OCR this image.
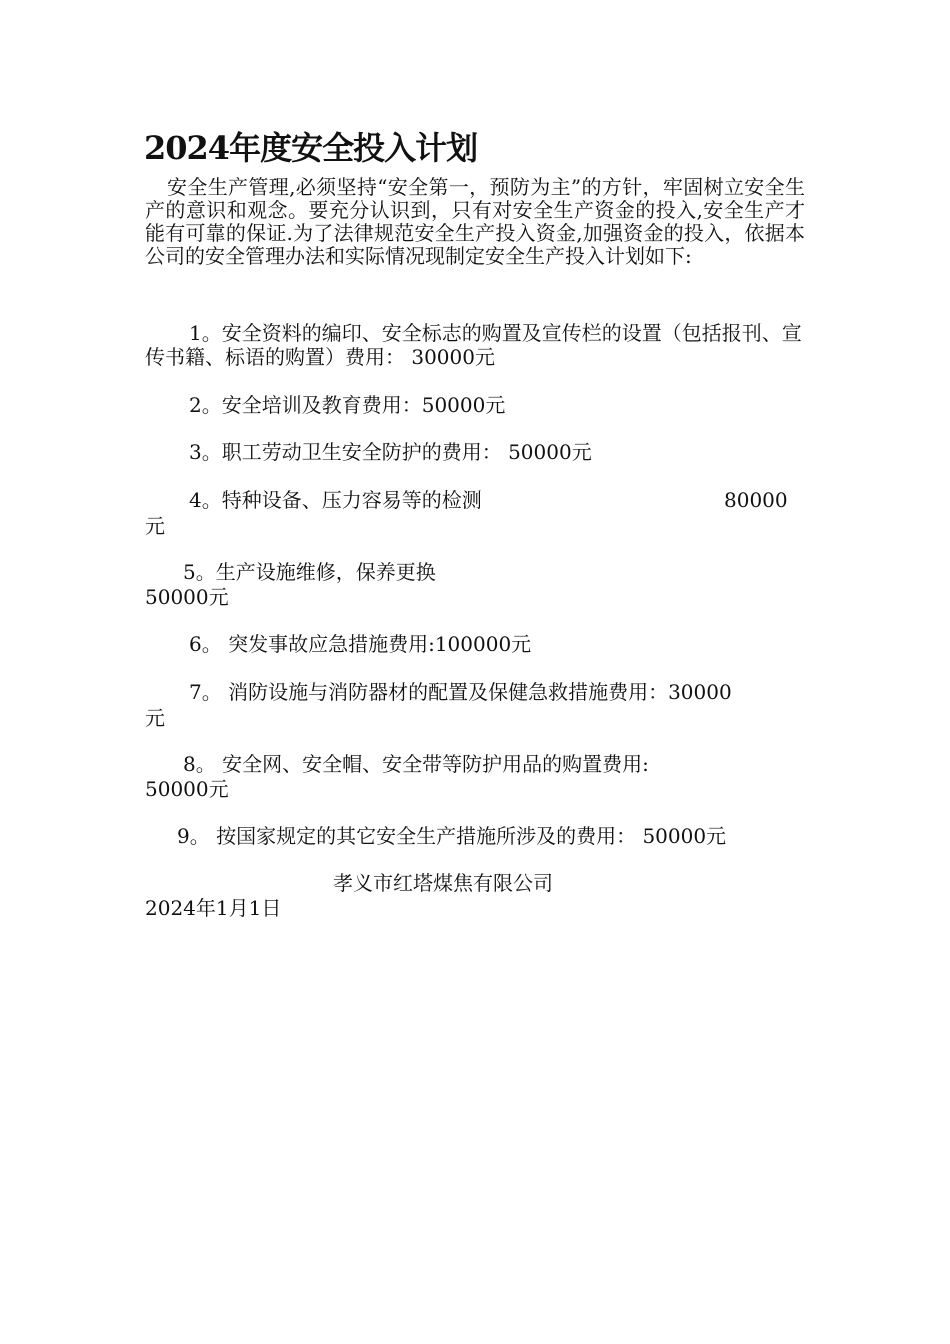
2024年度安全投入计划
安全生产管理,必须坚持“安全第一，预防为主”的方针，牢固树立安全生产的意识和观念。要充分认识到，只有对安全生产资金的投入,安全生产才能有可靠的保证.为了法律规范安全生产投入资金,加强资金的投入，依据本公司的安全管理办法和实际情况现制定安全生产投入计划如下:
1。安全资料的编印、安全标志的购置及宣传栏的设置（包括报刊、宣传书籍、标语的购置）费用： 30000元
2。安全培训及教育费用：50000元
3。职工劳动卫生安全防护的费用： 50000元
4。特种设备、压力容易等的检测	80000
元
5。生产设施维修，保养更换
50000元
6。 突发事故应急措施费用:100000元
7。 消防设施与消防器材的配置及保健急救措施费用：30000
元
8。 安全网、安全帽、安全带等防护用品的购置费用:
50000元
9。 按国家规定的其它安全生产措施所涉及的费用： 50000元
孝义市红塔煤焦有限公司
2024年1月1日
